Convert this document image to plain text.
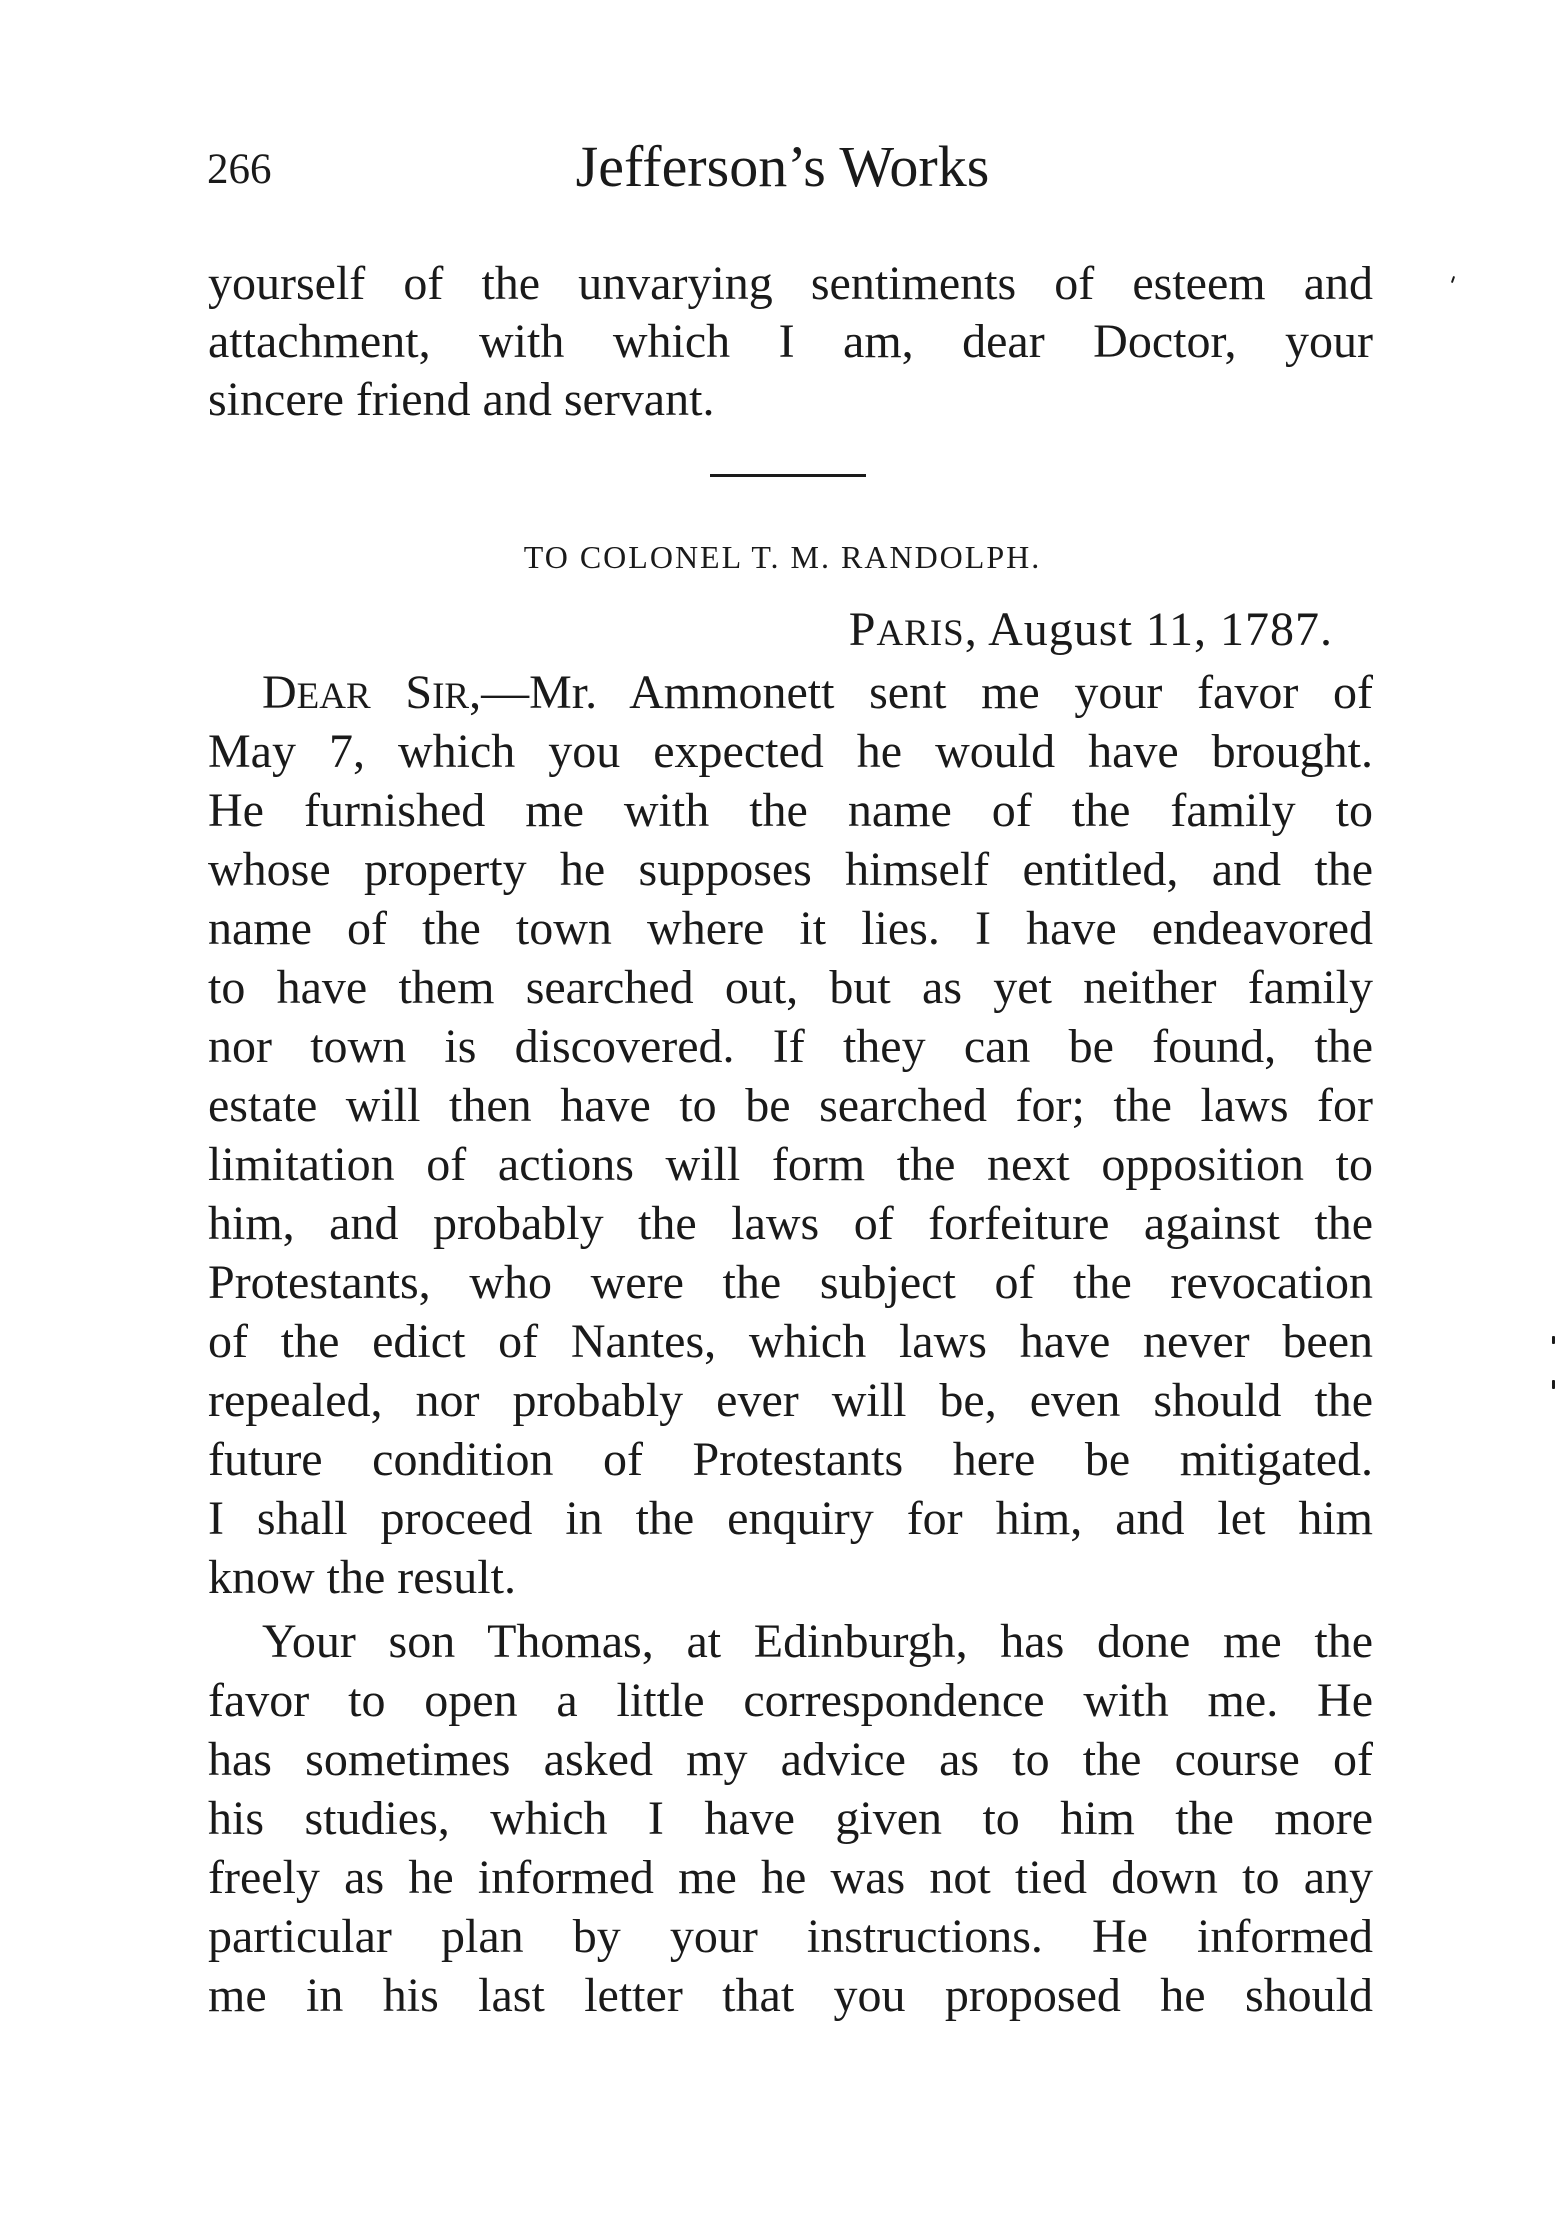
266	Jefferson’s Works
yourself of the unvarying sentiments of esteem and
attachment, with which I am, dear Doctor, your
sincere friend and servant.
TO COLONEL T. M. RANDOLPH.
PARIS, August 11, 1787.
DEAR SIR,—Mr. Ammonett sent me your favor of
May 7, which you expected he would have brought.
He furnished me with the name of the family to
whose property he supposes himself entitled, and the
name of the town where it lies. I have endeavored
to have them searched out, but as yet neither family
nor town is discovered. If they can be found, the
estate will then have to be searched for; the laws for
limitation of actions will form the next opposition to
him, and probably the laws of forfeiture against the
Protestants, who were the subject of the revocation
of the edict of Nantes, which laws have never been
repealed, nor probably ever will be, even should the
future condition of Protestants here be mitigated.
I shall proceed in the enquiry for him, and let him
know the result.
Your son Thomas, at Edinburgh, has done me the
favor to open a little correspondence with me. He
has sometimes asked my advice as to the course of
his studies, which I have given to him the more
freely as he informed me he was not tied down to any
particular plan by your instructions. He informed
me in his last letter that you proposed he should
